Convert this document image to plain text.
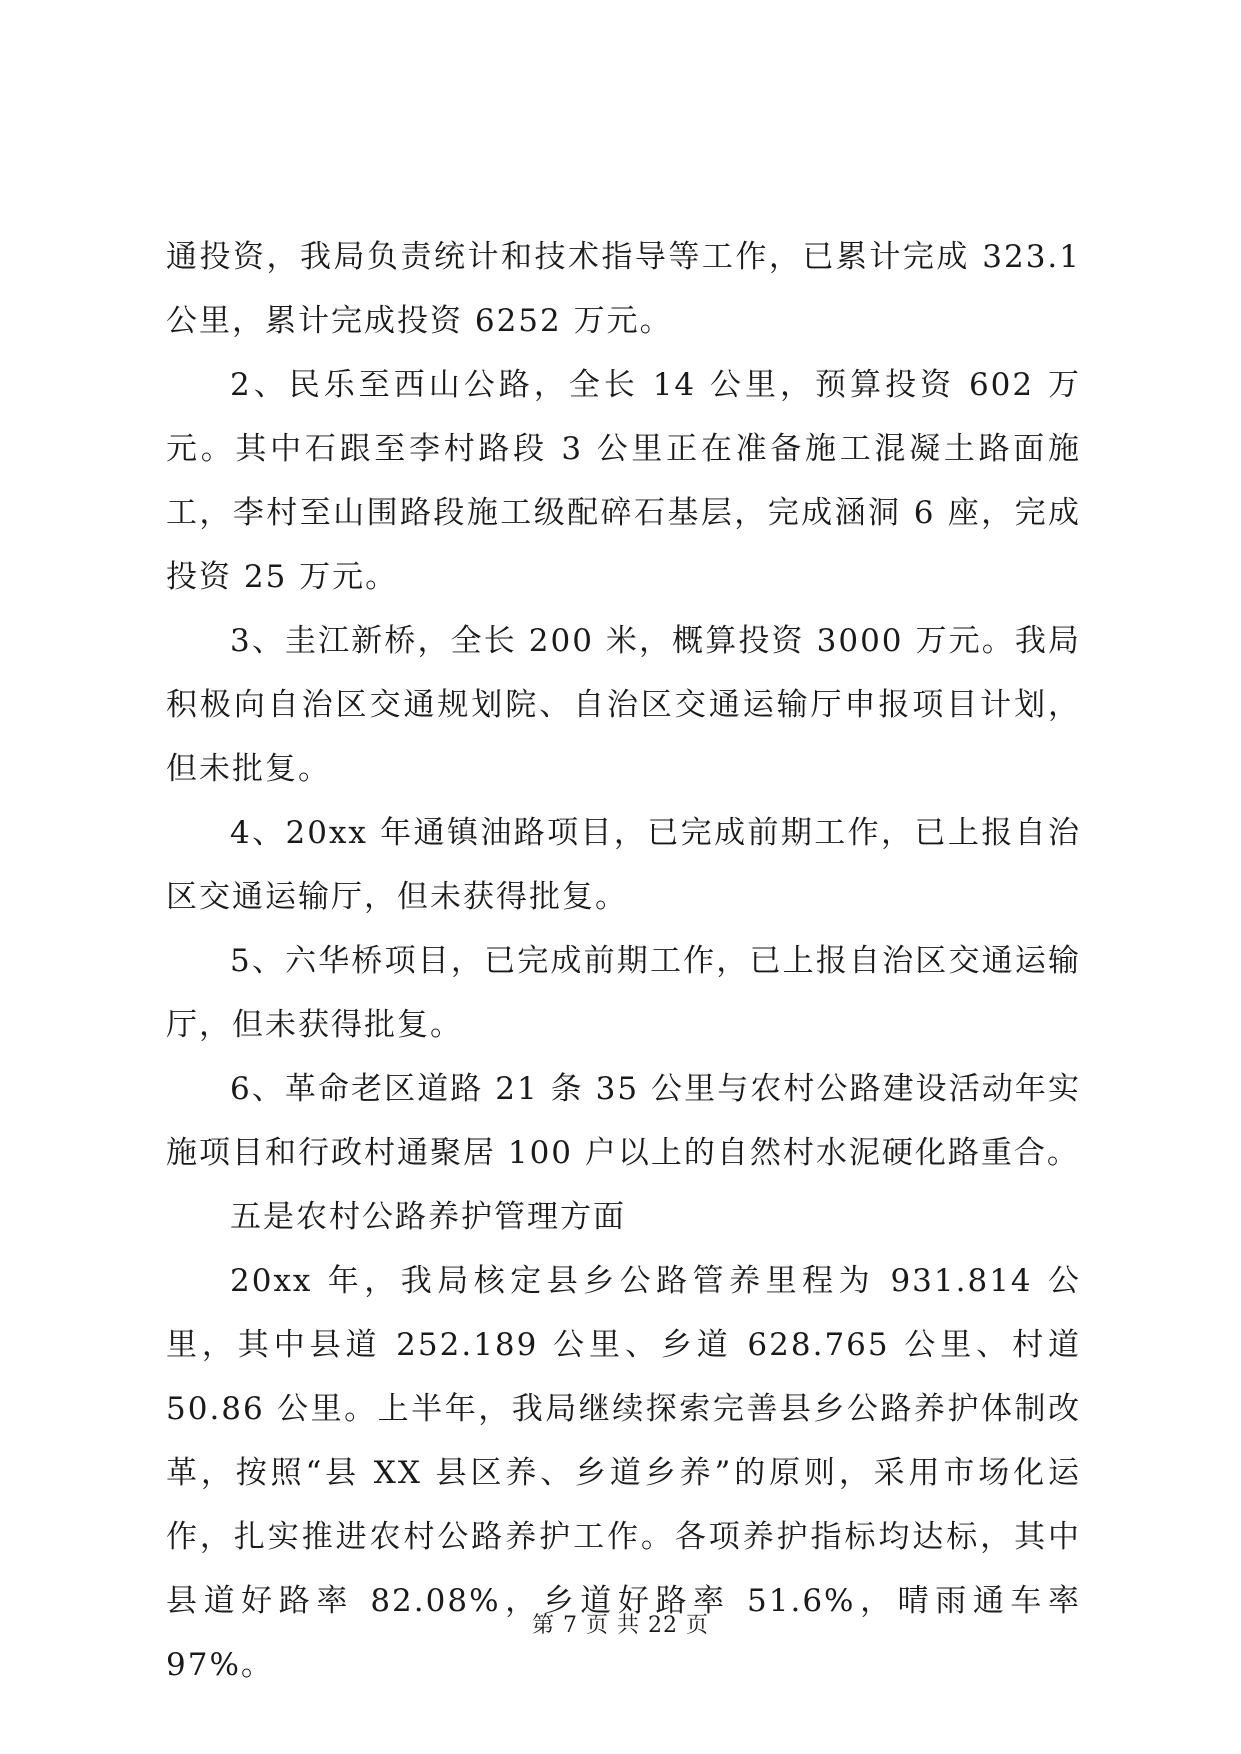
通投资，我局负责统计和技术指导等工作，已累计完成 323.1 公里，累计完成投资 6252 万元。

2、民乐至西山公路，全长 14 公里，预算投资 602 万元。其中石跟至李村路段 3 公里正在准备施工混凝土路面施工，李村至山围路段施工级配碎石基层，完成涵洞 6 座，完成投资 25 万元。

3、圭江新桥，全长 200 米，概算投资 3000 万元。我局积极向自治区交通规划院、自治区交通运输厅申报项目计划，但未批复。

4、20xx 年通镇油路项目，已完成前期工作，已上报自治区交通运输厅，但未获得批复。

5、六华桥项目，已完成前期工作，已上报自治区交通运输厅，但未获得批复。

6、革命老区道路 21 条 35 公里与农村公路建设活动年实施项目和行政村通聚居 100 户以上的自然村水泥硬化路重合。

五是农村公路养护管理方面

20xx 年，我局核定县乡公路管养里程为 931.814 公里，其中县道 252.189 公里、乡道 628.765 公里、村道 50.86 公里。上半年，我局继续探索完善县乡公路养护体制改革，按照“县 XX 县区养、乡道乡养”的原则，采用市场化运作，扎实推进农村公路养护工作。各项养护指标均达标，其中县道好路率 82.08%，乡道好路率 51.6%，晴雨通车率 97%。

第 7 页 共 22 页
